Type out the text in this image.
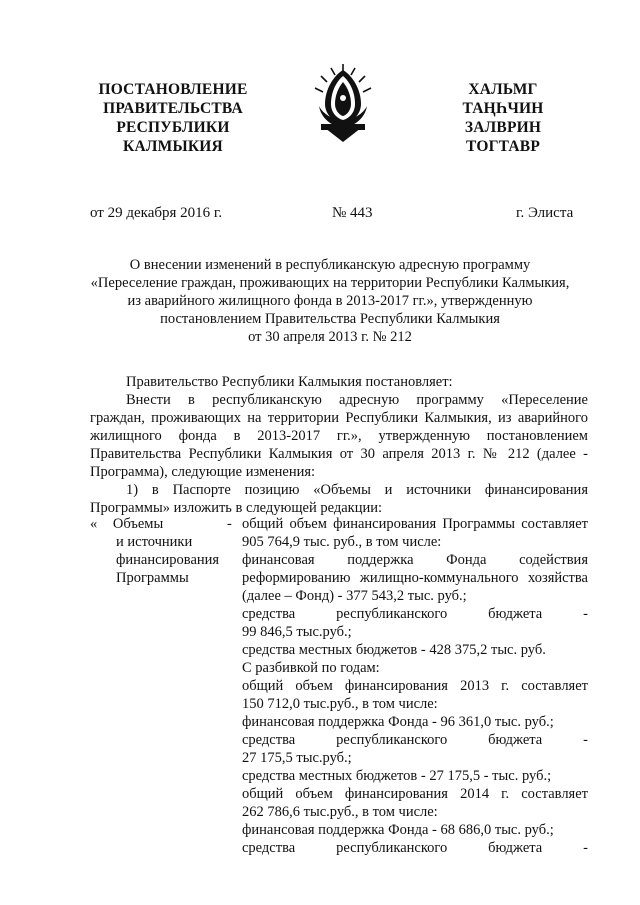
ПОСТАНОВЛЕНИЕ
ПРАВИТЕЛЬСТВА
РЕСПУБЛИКИ
КАЛМЫКИЯ
ХАЛЬМГ
ТАҢҺЧИН
ЗАЛВРИН
ТОГТАВР
от 29 декабря 2016 г.	№ 443	г. Элиста
О внесении изменений в республиканскую адресную программу
«Переселение граждан, проживающих на территории Республики Калмыкия,
из аварийного жилищного фонда в 2013-2017 гг.», утвержденную
постановлением Правительства Республики Калмыкия
от 30 апреля 2013 г. № 212
Правительство Республики Калмыкия постановляет:
Внести в республиканскую адресную программу «Переселение
граждан, проживающих на территории Республики Калмыкия, из аварийного
жилищного фонда в 2013-2017 гг.», утвержденную постановлением
Правительства Республики Калмыкия от 30 апреля 2013 г. № 212 (далее -
Программа), следующие изменения:
1) в Паспорте позицию «Объемы и источники финансирования
Программы» изложить в следующей редакции:
« Объемы
и источники
финансирования
Программы
- общий объем финансирования Программы составляет
905 764,9 тыс. руб., в том числе:
финансовая поддержка Фонда содействия
реформированию жилищно-коммунального хозяйства
(далее – Фонд) - 377 543,2 тыс. руб.;
средства республиканского бюджета -
99 846,5 тыс.руб.;
средства местных бюджетов - 428 375,2 тыс. руб.
С разбивкой по годам:
общий объем финансирования 2013 г. составляет
150 712,0 тыс.руб., в том числе:
финансовая поддержка Фонда - 96 361,0 тыс. руб.;
средства республиканского бюджета -
27 175,5 тыс.руб.;
средства местных бюджетов - 27 175,5 - тыс. руб.;
общий объем финансирования 2014 г. составляет
262 786,6 тыс.руб., в том числе:
финансовая поддержка Фонда - 68 686,0 тыс. руб.;
средства республиканского бюджета -
